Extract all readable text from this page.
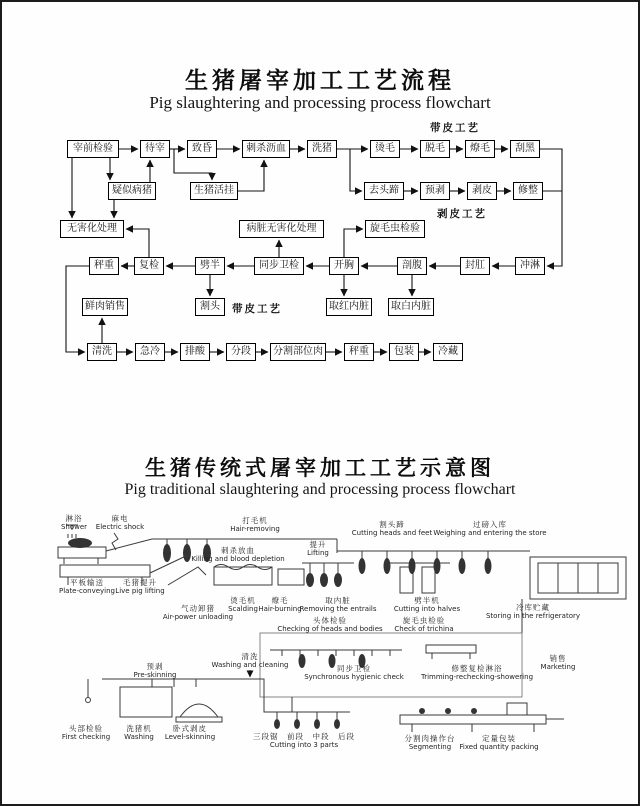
生猪屠宰加工工艺流程
Pig slaughtering and processing process flowchart
宰前检验	待宰	致昏	刺杀沥血	洗猪	烫毛	脱毛	燎毛	刮黑
疑似病猪	生猪活挂	去头蹄	预剥	剥皮	修整
无害化处理	病脏无害化处理	旋毛虫检验
秤重	复检	劈半	同步卫检	开胸	剖腹	封肛	冲淋
鲜肉销售	割头	取红内脏	取白内脏
清洗	急冷	排酸	分段	分割部位肉	秤重	包装	冷藏
带皮工艺
剥皮工艺
带皮工艺
生猪传统式屠宰加工工艺示意图
Pig traditional slaughtering and processing process flowchart
淋浴
Shower
麻电
Electric shock
打毛机
Hair-removing
刺杀放血
Killing and blood depletion
提升
Lifting
割头蹄
Cutting heads and feet
过磅入库
Weighing and entering the store
平板输送
Plate-conveying
毛猪提升
Live pig lifting
气动卸猪
Air-power unloading
烫毛机
Scalding
燎毛
Hair-burning
取内脏
Removing the entrails
劈半机
Cutting into halves	冷库贮藏
Storing in the refrigeratory
头体检验
Checking of heads and bodies
旋毛虫检验
Check of trichina
清洗
Washing and cleaning	同步卫检
Synchronous hygienic check
修整复检淋浴
Trimming-rechecking-showering
销售
Marketing
预剥
Pre-skinning
头部检验
First checking
洗猪机
Washing
卧式剥皮
Level-skinning	三段锯　前段　中段　后段
Cutting into 3 parts
分割肉操作台
Segmenting
定量包装
Fixed quantity packing
